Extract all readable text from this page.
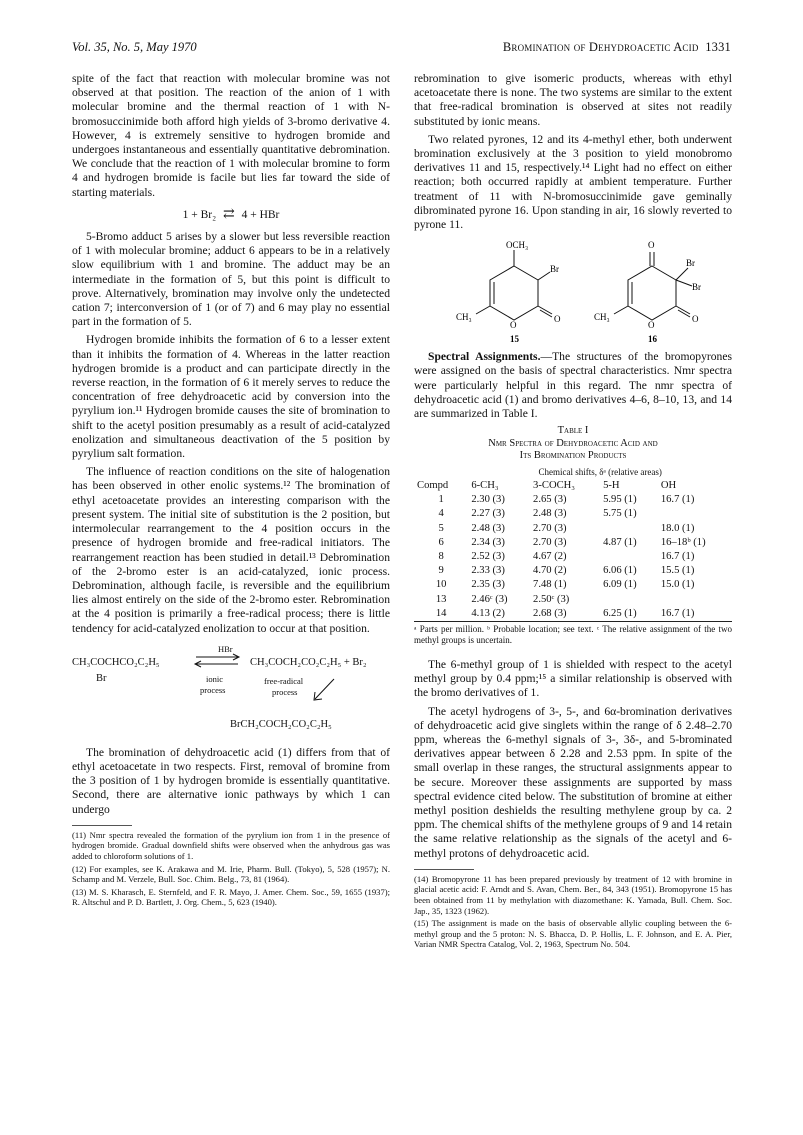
Vol. 35, No. 5, May 1970	Bromination of Dehydroacetic Acid 1331

spite of the fact that reaction with molecular bromine was not observed at that position. The reaction of the anion of 1 with molecular bromine and the thermal reaction of 1 with N-bromosuccinimide both afford high yields of 3-bromo derivative 4. However, 4 is extremely sensitive to hydrogen bromide and undergoes instantaneous and essentially quantitative debromination. We conclude that the reaction of 1 with molecular bromine to form 4 and hydrogen bromide is facile but lies far toward the side of starting materials.

1 + Br₂ ⇄ 4 + HBr

5-Bromo adduct 5 arises by a slower but less reversible reaction of 1 with molecular bromine; adduct 6 appears to be in a relatively slow equilibrium with 1 and bromine. The adduct may be an intermediate in the formation of 5, but this point is difficult to prove. Alternatively, bromination may involve only the undetected cation 7; interconversion of 1 (or of 7) and 6 may play no essential part in the formation of 5.

Hydrogen bromide inhibits the formation of 6 to a lesser extent than it inhibits the formation of 4. Whereas in the latter reaction hydrogen bromide is a product and can participate directly in the reverse reaction, in the formation of 6 it merely serves to reduce the concentration of free dehydroacetic acid by conversion into the pyrylium ion.¹¹ Hydrogen bromide causes the site of bromination to shift to the acetyl position presumably as a result of acid-catalyzed enolization and simultaneous deactivation of the 5 position by pyrylium salt formation.

The influence of reaction conditions on the site of halogenation has been observed in other enolic systems.¹² The bromination of ethyl acetoacetate provides an interesting comparison with the present system. The initial site of substitution is the 2 position, but intermolecular rearrangement to the 4 position occurs in the presence of hydrogen bromide and free-radical initiators. The rearrangement reaction has been studied in detail.¹³ Debromination of the 2-bromo ester is an acid-catalyzed, ionic process. Debromination, although facile, is reversible and the equilibrium lies almost entirely on the side of the 2-bromo ester. Rebromination at the 4 position is primarily a free-radical process; there is little tendency for acid-catalyzed enolization to occur at that position.

HBr
CH₃COCHCO₂C₂H₅
Br	ionic
process
CH₃COCH₂CO₂C₂H₅ + Br₂
free-radical
process
BrCH₂COCH₂CO₂C₂H₅

The bromination of dehydroacetic acid (1) differs from that of ethyl acetoacetate in two respects. First, removal of bromine from the 3 position of 1 by hydrogen bromide is essentially quantitative. Second, there are alternative ionic pathways by which 1 can undergo

(11) Nmr spectra revealed the formation of the pyrylium ion from 1 in the presence of hydrogen bromide. Gradual downfield shifts were observed when the anhydrous gas was added to chloroform solutions of 1.
(12) For examples, see K. Arakawa and M. Irie, Pharm. Bull. (Tokyo), 5, 528 (1957); N. Schamp and M. Verzele, Bull. Soc. Chim. Belg., 73, 81 (1964).
(13) M. S. Kharasch, E. Sternfeld, and F. R. Mayo, J. Amer. Chem. Soc., 59, 1655 (1937); R. Altschul and P. D. Bartlett, J. Org. Chem., 5, 623 (1940).

rebromination to give isomeric products, whereas with ethyl acetoacetate there is none. The two systems are similar to the extent that free-radical bromination is observed at sites not readily substituted by ionic means.

Two related pyrones, 12 and its 4-methyl ether, both underwent bromination exclusively at the 3 position to yield monobromo derivatives 11 and 15, respectively.¹⁴ Light had no effect on either reaction; both occurred rapidly at ambient temperature. Further treatment of 11 with N-bromosuccinimide gave geminally dibrominated pyrone 16. Upon standing in air, 16 slowly reverted to pyrone 11.

OCH₃
Br
O
O
CH₃
15
O
Br
Br
O
O
CH₃
16

Spectral Assignments.—The structures of the bromopyrones were assigned on the basis of spectral characteristics. Nmr spectra were particularly helpful in this regard. The nmr spectra of dehydroacetic acid (1) and bromo derivatives 4–6, 8–10, 13, and 14 are summarized in Table I.

Table I
Nmr Spectra of Dehydroacetic Acid and
Its Bromination Products
	Chemical shifts, δᵃ (relative areas)			
Compd	6-CH₃	3-COCH₃	5-H	OH
1	2.30 (3)	2.65 (3)	5.95 (1)	16.7 (1)
4	2.27 (3)	2.48 (3)	5.75 (1)	
5	2.48 (3)	2.70 (3)		18.0 (1)
6	2.34 (3)	2.70 (3)	4.87 (1)	16–18ᵇ (1)
8	2.52 (3)	4.67 (2)		16.7 (1)
9	2.33 (3)	4.70 (2)	6.06 (1)	15.5 (1)
10	2.35 (3)	7.48 (1)	6.09 (1)	15.0 (1)
13	2.46ᶜ (3)	2.50ᶜ (3)		
14	4.13 (2)	2.68 (3)	6.25 (1)	16.7 (1)

ᵃ Parts per million. ᵇ Probable location; see text. ᶜ The relative assignment of the two methyl groups is uncertain.

The 6-methyl group of 1 is shielded with respect to the acetyl methyl group by 0.4 ppm;¹⁵ a similar relationship is observed with the bromo derivatives of 1.

The acetyl hydrogens of 3-, 5-, and 6α-bromination derivatives of dehydroacetic acid give singlets within the range of δ 2.48–2.70 ppm, whereas the 6-methyl signals of 3-, 3δ-, and 5-brominated derivatives appear between δ 2.28 and 2.53 ppm. In spite of the small overlap in these ranges, the structural assignments appear to be secure. Moreover these assignments are supported by mass spectral evidence cited below. The substitution of bromine at either methyl position deshields the resulting methylene group by ca. 2 ppm. The chemical shifts of the methylene groups of 9 and 14 retain the same relative relationship as the signals of the acetyl and 6-methyl protons of dehydroacetic acid.

(14) Bromopyrone 11 has been prepared previously by treatment of 12 with bromine in glacial acetic acid: F. Arndt and S. Avan, Chem. Ber., 84, 343 (1951). Bromopyrone 15 has been obtained from 11 by methylation with diazomethane: K. Yamada, Bull. Chem. Soc. Jap., 35, 1323 (1962).
(15) The assignment is made on the basis of observable allylic coupling between the 6-methyl group and the 5 proton: N. S. Bhacca, D. P. Hollis, L. F. Johnson, and E. A. Pier, Varian NMR Spectra Catalog, Vol. 2, 1963, Spectrum No. 504.
